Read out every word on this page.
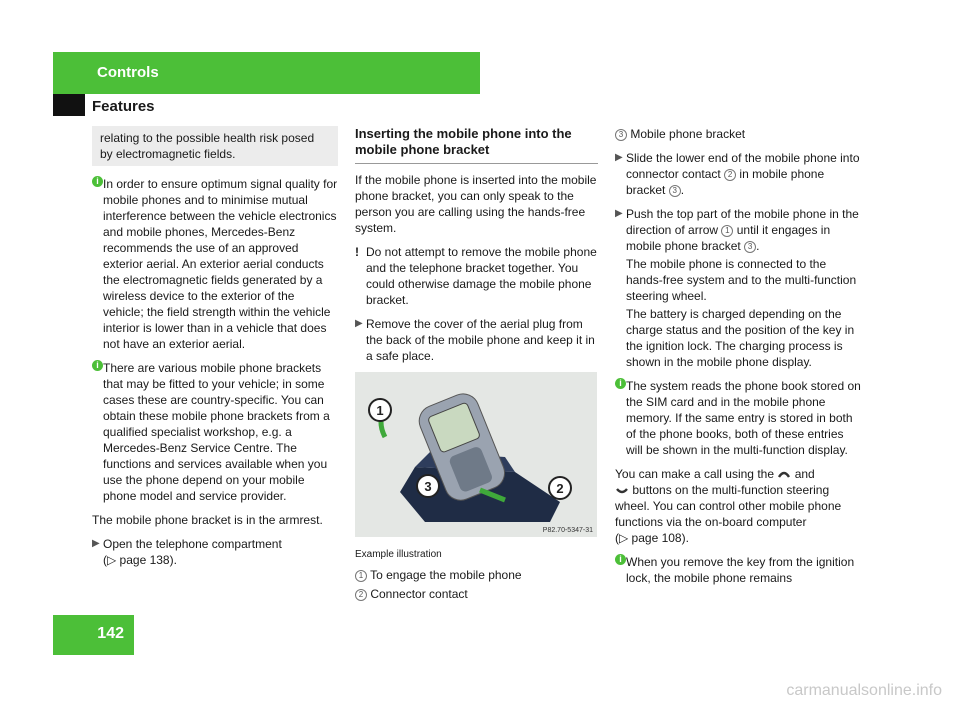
Controls
Features

relating to the possible health risk posed by electromagnetic fields.

i In order to ensure optimum signal quality for mobile phones and to minimise mutual interference between the vehicle electronics and mobile phones, Mercedes-Benz recommends the use of an approved exterior aerial. An exterior aerial conducts the electromagnetic fields generated by a wireless device to the exterior of the vehicle; the field strength within the vehicle interior is lower than in a vehicle that does not have an exterior aerial.

i There are various mobile phone brackets that may be fitted to your vehicle; in some cases these are country-specific. You can obtain these mobile phone brackets from a qualified specialist workshop, e.g. a Mercedes-Benz Service Centre. The functions and services available when you use the phone depend on your mobile phone model and service provider.

The mobile phone bracket is in the armrest.

▶ Open the telephone compartment
(▷ page 138).

Inserting the mobile phone into the mobile phone bracket

If the mobile phone is inserted into the mobile phone bracket, you can only speak to the person you are calling using the hands-free system.

! Do not attempt to remove the mobile phone and the telephone bracket together. You could otherwise damage the mobile phone bracket.

▶ Remove the cover of the aerial plug from the back of the mobile phone and keep it in a safe place.

1
3	2
P82.70-5347-31

Example illustration

1 To engage the mobile phone

2 Connector contact

3 Mobile phone bracket

▶ Slide the lower end of the mobile phone into connector contact 2 in mobile phone bracket 3 .

▶ Push the top part of the mobile phone in the direction of arrow 1 until it engages in mobile phone bracket 3 .

The mobile phone is connected to the hands-free system and to the multi-function steering wheel.

The battery is charged depending on the charge status and the position of the key in the ignition lock. The charging process is shown in the mobile phone display.

i The system reads the phone book stored on the SIM card and in the mobile phone memory. If the same entry is stored in both of the phone books, both of these entries will be shown in the multi-function display.

You can make a call using the and
buttons on the multi-function steering wheel. You can control other mobile phone functions via the on-board computer
(▷ page 108).

i When you remove the key from the ignition lock, the mobile phone remains

142
carmanualsonline.info
